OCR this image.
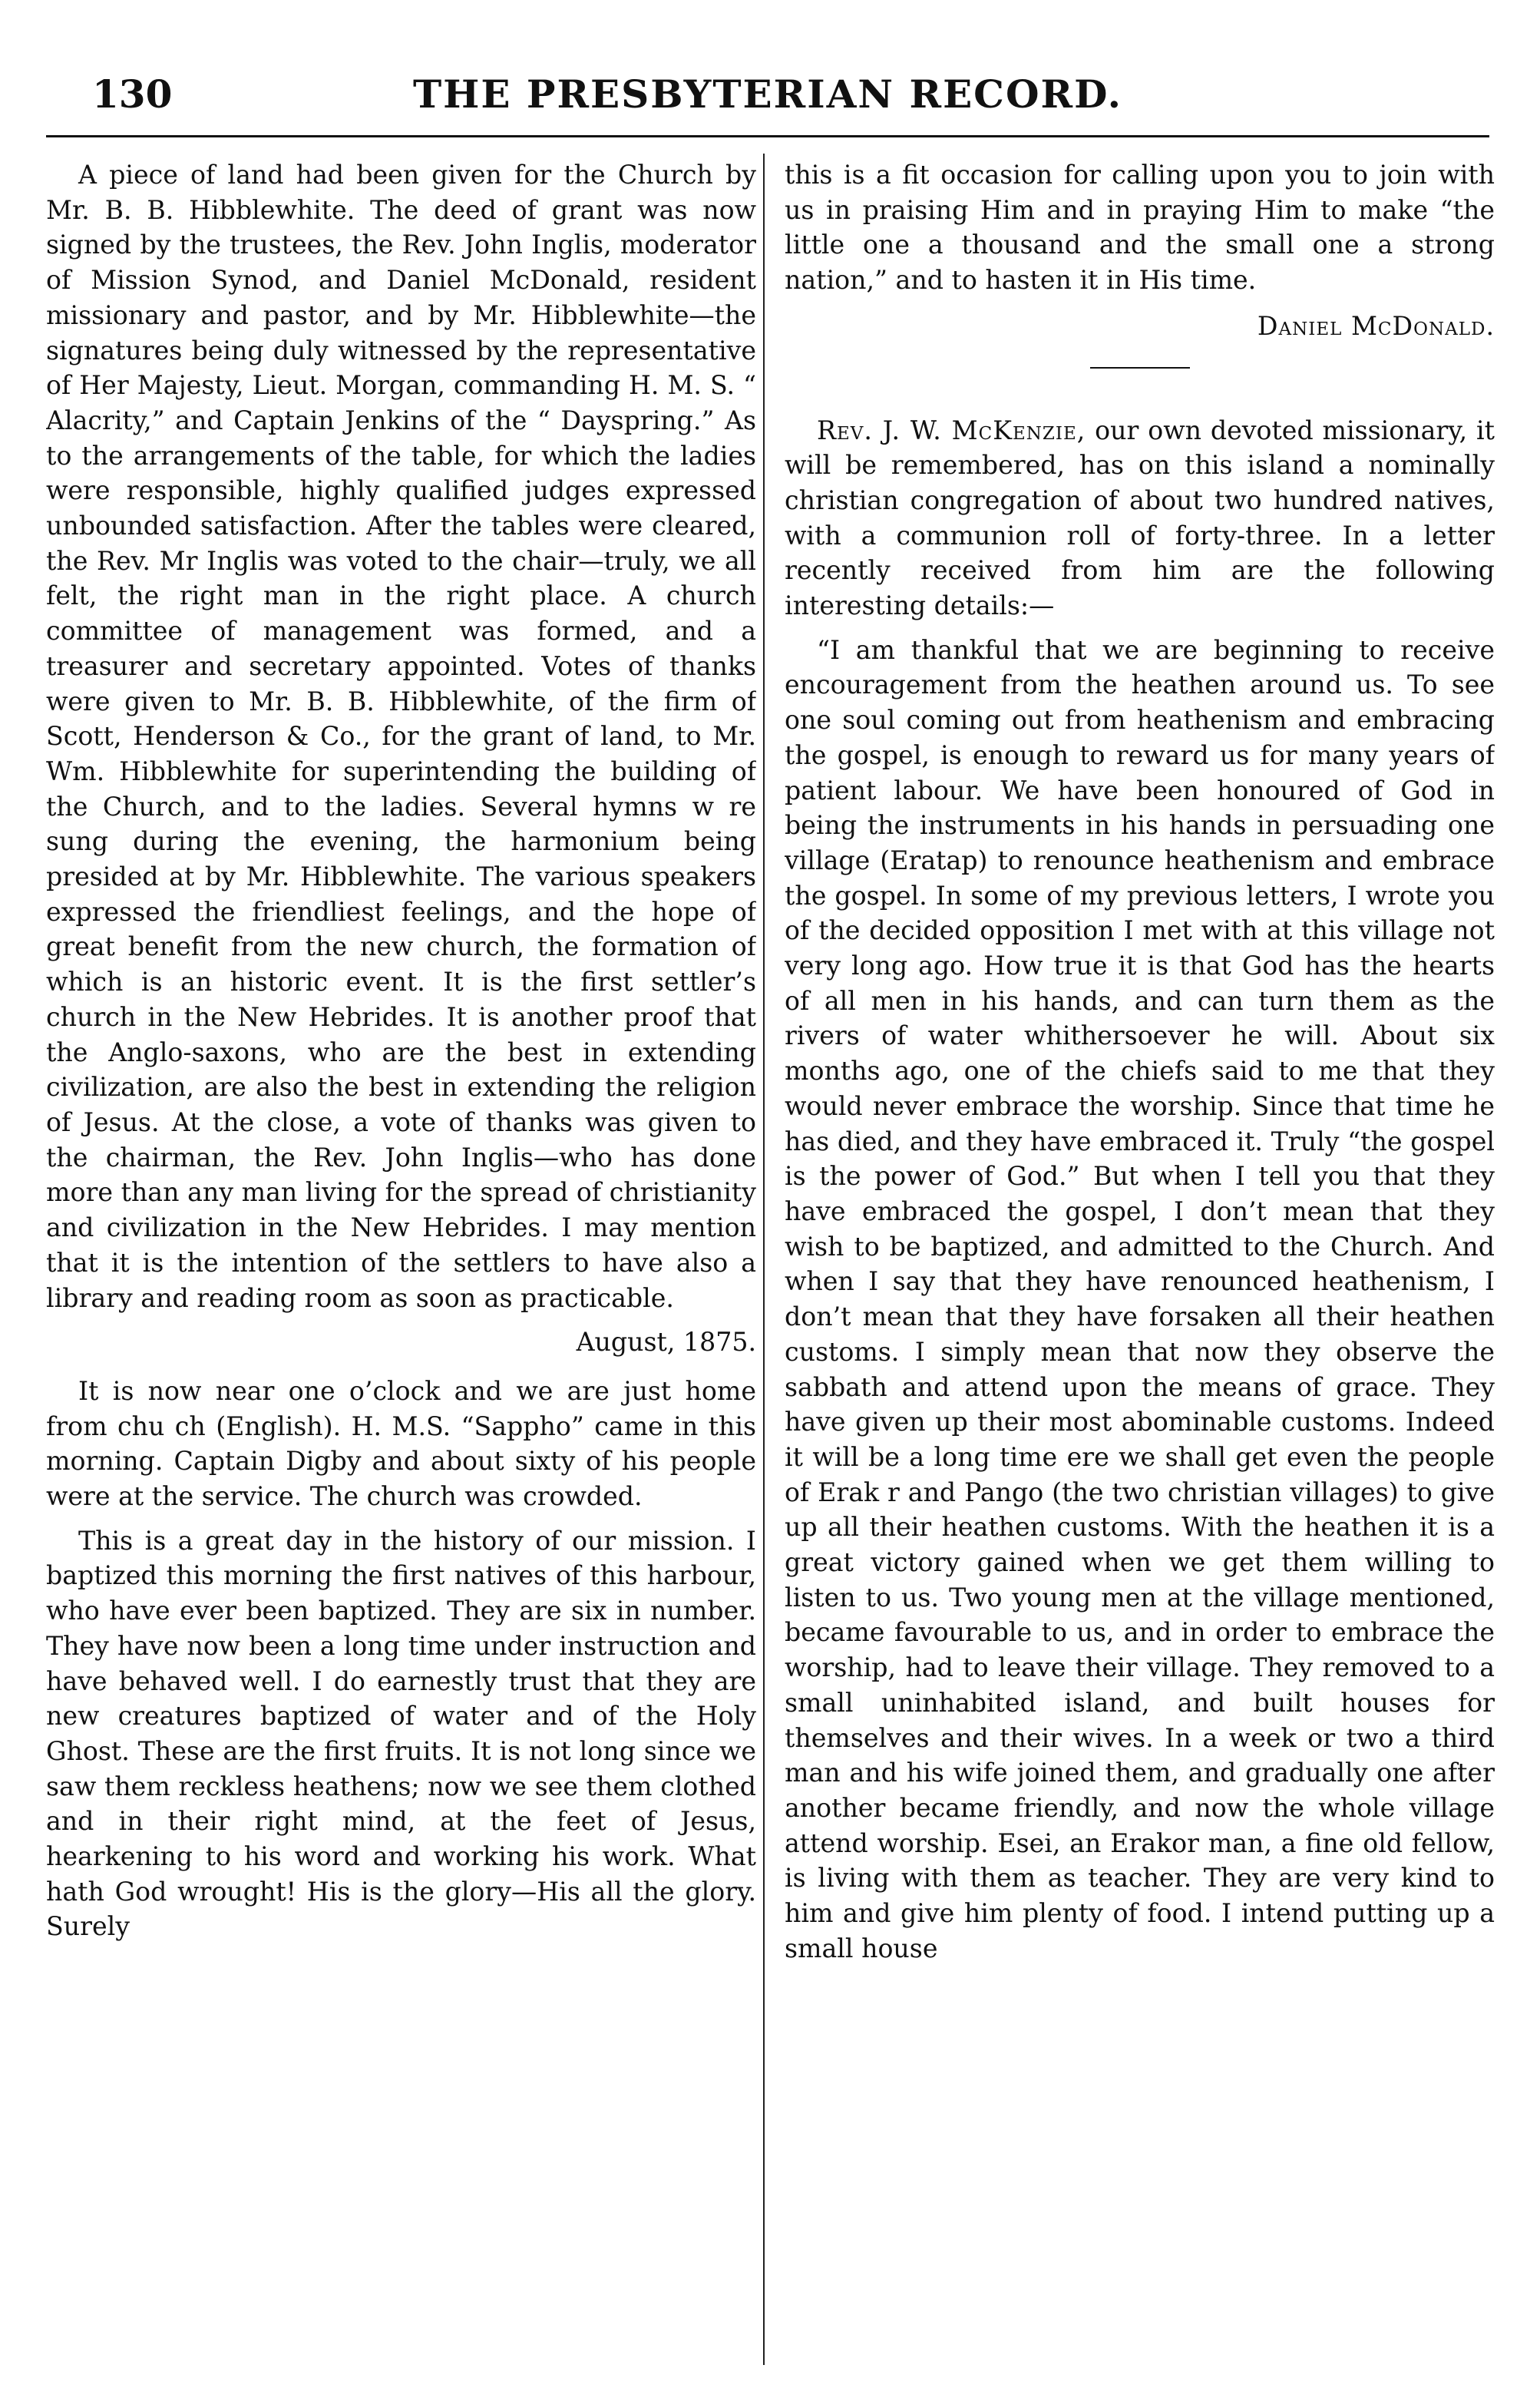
130	THE PRESBYTERIAN RECORD.

A piece of land had been given for the Church by Mr. B. B. Hibblewhite. The deed of grant was now signed by the trustees, the Rev. John Inglis, moderator of Mission Synod, and Daniel McDonald, resident missionary and pastor, and by Mr. Hibblewhite—the signatures being duly witnessed by the representative of Her Majesty, Lieut. Morgan, commanding H. M. S. “ Alacrity,” and Captain Jenkins of the “ Dayspring.” As to the arrangements of the table, for which the ladies were responsible, highly qualified judges expressed unbounded satisfaction. After the tables were cleared, the Rev. Mr Inglis was voted to the chair—truly, we all felt, the right man in the right place. A church committee of management was formed, and a treasurer and secretary appointed. Votes of thanks were given to Mr. B. B. Hibblewhite, of the firm of Scott, Henderson & Co., for the grant of land, to Mr. Wm. Hibblewhite for superintending the building of the Church, and to the ladies. Several hymns w re sung during the evening, the harmonium being presided at by Mr. Hibblewhite. The various speakers expressed the friendliest feelings, and the hope of great benefit from the new church, the formation of which is an historic event. It is the first settler’s church in the New Hebrides. It is another proof that the Anglo-saxons, who are the best in extending civilization, are also the best in extending the religion of Jesus. At the close, a vote of thanks was given to the chairman, the Rev. John Inglis—who has done more than any man living for the spread of christianity and civilization in the New Hebrides. I may mention that it is the intention of the settlers to have also a library and reading room as soon as practicable.

August, 1875.

It is now near one o’clock and we are just home from chu ch (English). H. M.S. “Sappho” came in this morning. Captain Digby and about sixty of his people were at the service. The church was crowded.

This is a great day in the history of our mission. I baptized this morning the first natives of this harbour, who have ever been baptized. They are six in number. They have now been a long time under instruction and have behaved well. I do earnestly trust that they are new creatures baptized of water and of the Holy Ghost. These are the first fruits. It is not long since we saw them reckless heathens; now we see them clothed and in their right mind, at the feet of Jesus, hearkening to his word and working his work. What hath God wrought! His is the glory—His all the glory. Surely

this is a fit occasion for calling upon you to join with us in praising Him and in praying Him to make “the little one a thousand and the small one a strong nation,” and to hasten it in His time.

Daniel McDonald.

Rev. J. W. McKenzie, our own devoted missionary, it will be remembered, has on this island a nominally christian congregation of about two hundred natives, with a communion roll of forty-three. In a letter recently received from him are the following interesting details:—

“I am thankful that we are beginning to receive encouragement from the heathen around us. To see one soul coming out from heathenism and embracing the gospel, is enough to reward us for many years of patient labour. We have been honoured of God in being the instruments in his hands in persuading one village (Eratap) to renounce heathenism and embrace the gospel. In some of my previous letters, I wrote you of the decided opposition I met with at this village not very long ago. How true it is that God has the hearts of all men in his hands, and can turn them as the rivers of water whithersoever he will. About six months ago, one of the chiefs said to me that they would never embrace the worship. Since that time he has died, and they have embraced it. Truly “the gospel is the power of God.” But when I tell you that they have embraced the gospel, I don’t mean that they wish to be baptized, and admitted to the Church. And when I say that they have renounced heathenism, I don’t mean that they have forsaken all their heathen customs. I simply mean that now they observe the sabbath and attend upon the means of grace. They have given up their most abominable customs. Indeed it will be a long time ere we shall get even the people of Erak r and Pango (the two christian villages) to give up all their heathen customs. With the heathen it is a great victory gained when we get them willing to listen to us. Two young men at the village mentioned, became favourable to us, and in order to embrace the worship, had to leave their village. They removed to a small uninhabited island, and built houses for themselves and their wives. In a week or two a third man and his wife joined them, and gradually one after another became friendly, and now the whole village attend worship. Esei, an Erakor man, a fine old fellow, is living with them as teacher. They are very kind to him and give him plenty of food. I intend putting up a small house
